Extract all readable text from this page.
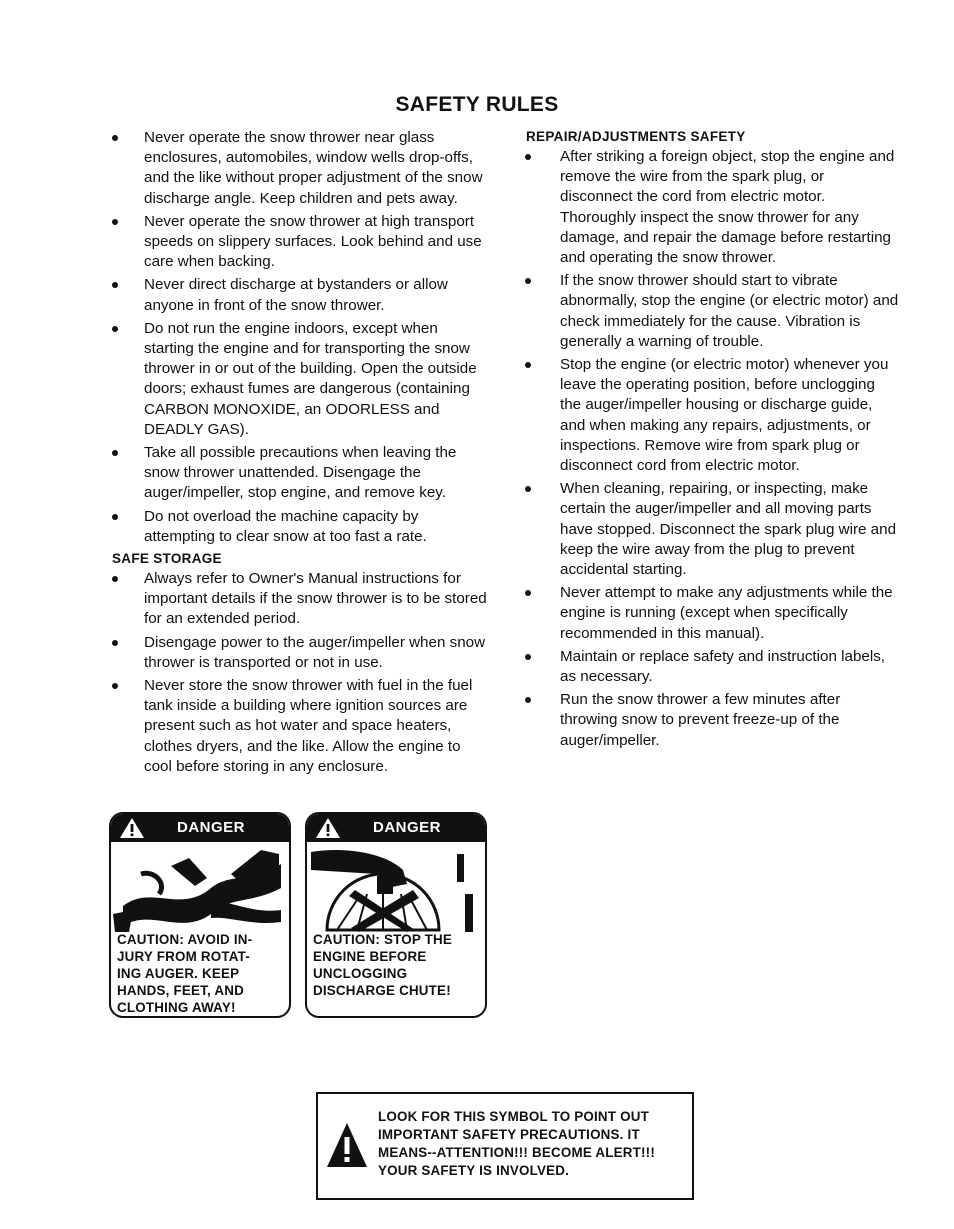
SAFETY RULES
Never operate the snow thrower near glass enclosures, automobiles, window wells drop-offs, and the like without proper adjustment of the snow discharge angle. Keep children and pets away.
Never operate the snow thrower at high transport speeds on slippery surfaces. Look behind and use care when backing.
Never direct discharge at bystanders or allow anyone in front of the snow thrower.
Do not run the engine indoors, except when starting the engine and for transporting the snow thrower in or out of the building. Open the outside doors; exhaust fumes are dangerous (containing CARBON MONOXIDE, an ODORLESS and DEADLY GAS).
Take all possible precautions when leaving the snow thrower unattended. Disengage the auger/impeller, stop engine, and remove key.
Do not overload the machine capacity by attempting to clear snow at too fast a rate.
SAFE STORAGE
Always refer to Owner's Manual instructions for important details if the snow thrower is to be stored for an extended period.
Disengage power to the auger/impeller when snow thrower is transported or not in use.
Never store the snow thrower with fuel in the fuel tank inside a building where ignition sources are present such as hot water and space heaters, clothes dryers, and the like. Allow the engine to cool before storing in any enclosure.
REPAIR/ADJUSTMENTS SAFETY
After striking a foreign object, stop the engine and remove the wire from the spark plug, or disconnect the cord from electric motor. Thoroughly inspect the snow thrower for any damage, and repair the damage before restarting and operating the snow thrower.
If the snow thrower should start to vibrate abnormally, stop the engine (or electric motor) and check immediately for the cause. Vibration is generally a warning of trouble.
Stop the engine (or electric motor) whenever you leave the operating position, before unclogging the auger/impeller housing or discharge guide, and when making any repairs, adjustments, or inspections. Remove wire from spark plug or disconnect cord from electric motor.
When cleaning, repairing, or inspecting, make certain the auger/impeller and all moving parts have stopped. Disconnect the spark plug wire and keep the wire away from the plug to prevent accidental starting.
Never attempt to make any adjustments while the engine is running (except when specifically recommended in this manual).
Maintain or replace safety and instruction labels, as necessary.
Run the snow thrower a few minutes after throwing snow to prevent freeze-up of the auger/impeller.
DANGER
CAUTION: AVOID IN-
JURY FROM ROTAT-
ING AUGER. KEEP
HANDS, FEET, AND
CLOTHING AWAY!
DANGER
CAUTION: STOP THE
ENGINE BEFORE
UNCLOGGING
DISCHARGE CHUTE!
LOOK FOR THIS SYMBOL TO POINT OUT
IMPORTANT SAFETY PRECAUTIONS. IT
MEANS--ATTENTION!!! BECOME ALERT!!!
YOUR SAFETY IS INVOLVED.
